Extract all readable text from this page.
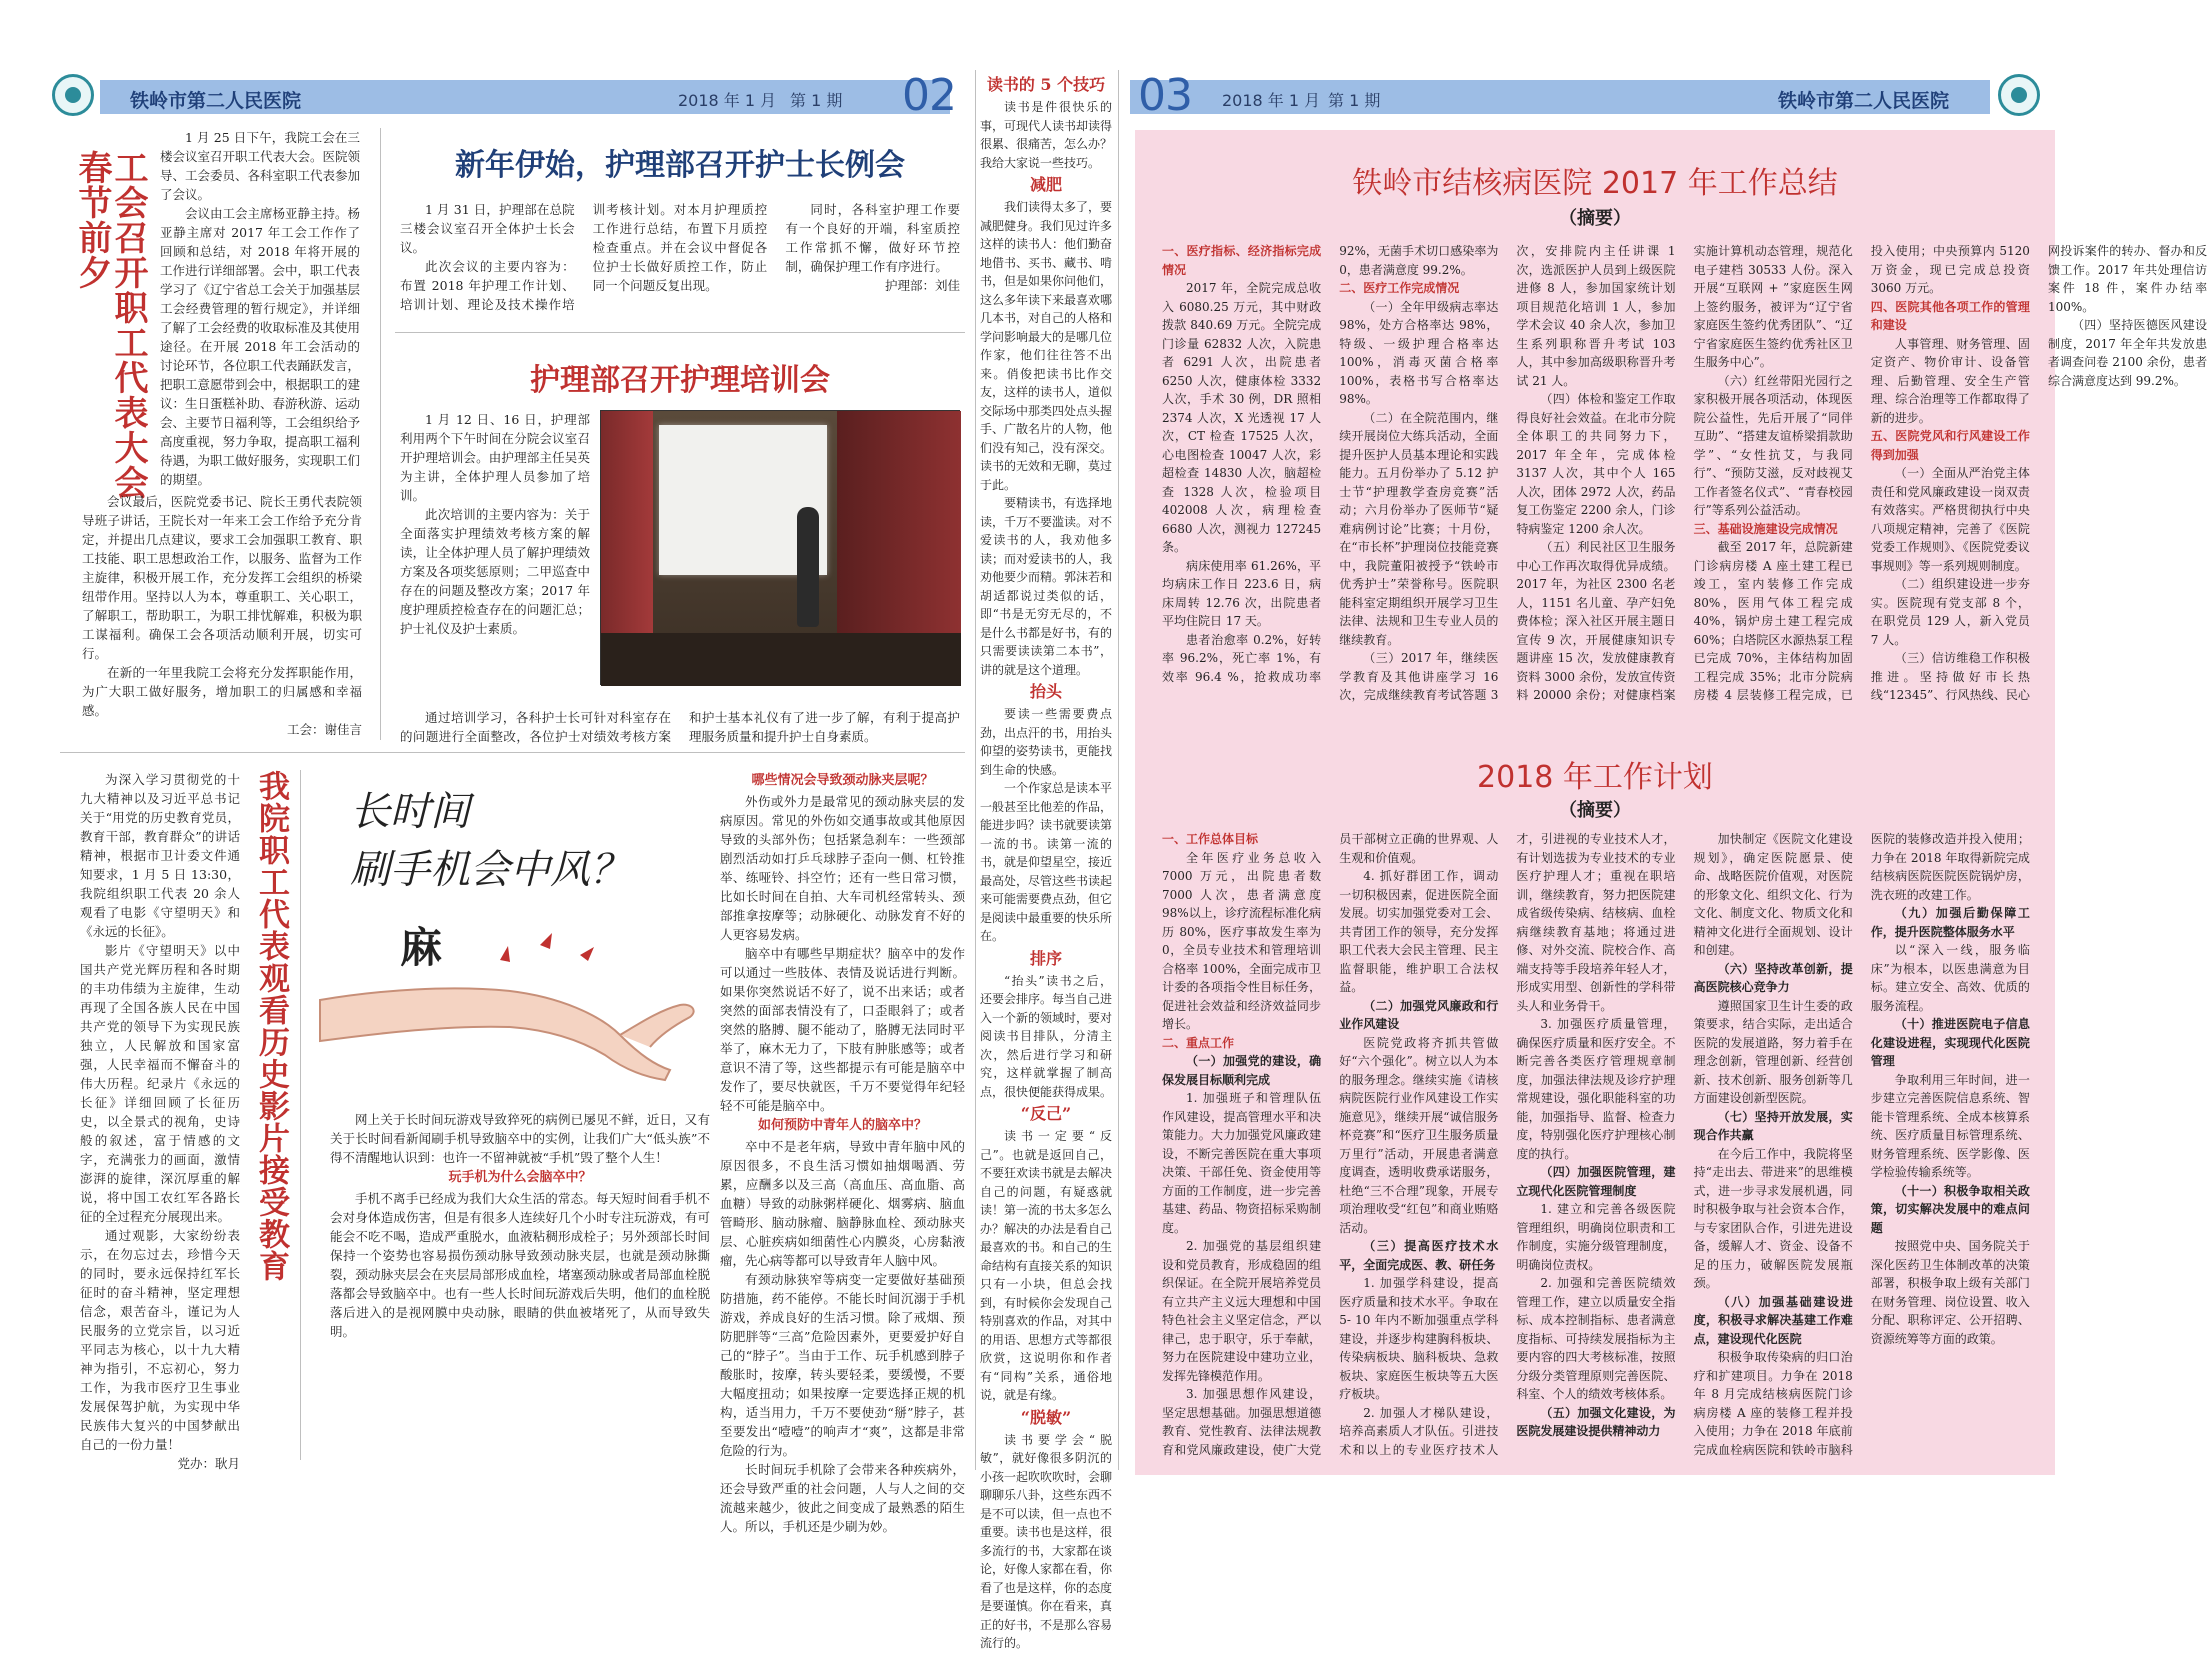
铁岭市第二人民医院	2018 年 1 月 第 1 期 02	03 2018 年 1 月 第 1 期	铁岭市第二人民医院
工会召开职工代表大会
春节前夕

1 月 25 日下午，我院工会在三楼会议室召开职工代表大会。医院领导、工会委员、各科室职工代表参加了会议。

会议由工会主席杨亚静主持。杨亚静主席对 2017 年工会工作作了回顾和总结，对 2018 年将开展的工作进行详细部署。会中，职工代表学习了《辽宁省总工会关于加强基层工会经费管理的暂行规定》，并详细了解了工会经费的收取标准及其使用途径。在开展 2018 年工会活动的讨论环节，各位职工代表踊跃发言，把职工意愿带到会中，根据职工的建议：生日蛋糕补助、春游秋游、运动会、主要节日福利等，工会组织给予高度重视，努力争取，提高职工福利待遇，为职工做好服务，实现职工们的期望。

会议最后，医院党委书记、院长王勇代表院领导班子讲话，王院长对一年来工会工作给予充分肯定，并提出几点建议，要求工会加强职工教育、职工技能、职工思想政治工作，以服务、监督为工作主旋律，积极开展工作，充分发挥工会组织的桥梁纽带作用。坚持以人为本，尊重职工、关心职工，了解职工，帮助职工，为职工排忧解难，积极为职工谋福利。确保工会各项活动顺利开展，切实可行。

在新的一年里我院工会将充分发挥职能作用，为广大职工做好服务，增加职工的归属感和幸福感。

工会：谢佳言

新年伊始，护理部召开护士长例会

1 月 31 日，护理部在总院三楼会议室召开全体护士长会议。

此次会议的主要内容为：布置 2018 年护理工作计划、培训计划、理论及技术操作培训考核计划。对本月护理质控工作进行总结，布置下月质控检查重点。并在会议中督促各位护士长做好质控工作，防止同一个问题反复出现。

同时，各科室护理工作要有一个良好的开端，科室质控工作常抓不懈，做好环节控制，确保护理工作有序进行。

护理部：刘佳

护理部召开护理培训会

1 月 12 日、16 日，护理部利用两个下午时间在分院会议室召开护理培训会。由护理部主任吴英为主讲，全体护理人员参加了培训。

此次培训的主要内容为：关于全面落实护理绩效考核方案的解读，让全体护理人员了解护理绩效方案及各项奖惩原则；二甲巡查中存在的问题及整改方案；2017 年度护理质控检查存在的问题汇总；护士礼仪及护士素质。

通过培训学习，各科护士长可针对科室存在的问题进行全面整改，各位护士对绩效考核方案和护士基本礼仪有了进一步了解，有利于提高护理服务质量和提升护士自身素质。

为深入学习贯彻党的十九大精神以及习近平总书记关于“用党的历史教育党员，教育干部，教育群众”的讲话精神，根据市卫计委文件通知要求，1 月 5 日 13:30，我院组织职工代表 20 余人观看了电影《守望明天》和《永远的长征》。

影片《守望明天》以中国共产党光辉历程和各时期的丰功伟绩为主旋律，生动再现了全国各族人民在中国共产党的领导下为实现民族独立，人民解放和国家富强，人民幸福而不懈奋斗的伟大历程。纪录片《永远的长征》详细回顾了长征历史，以全景式的视角，史诗般的叙述，富于情感的文字，充满张力的画面，激情澎湃的旋律，深沉厚重的解说，将中国工农红军各路长征的全过程充分展现出来。

通过观影，大家纷纷表示，在勿忘过去，珍惜今天的同时，要永远保持红军长征时的奋斗精神，坚定理想信念，艰苦奋斗，谨记为人民服务的立党宗旨，以习近平同志为核心，以十九大精神为指引，不忘初心，努力工作，为我市医疗卫生事业发展保驾护航，为实现中华民族伟大复兴的中国梦献出自己的一份力量！

党办：耿月

我院职工代表观看历史影片接受教育 长时间
刷手机会中风？
麻

网上关于长时间玩游戏导致猝死的病例已屡见不鲜，近日，又有关于长时间看新闻刷手机导致脑卒中的实例，让我们广大“低头族”不得不清醒地认识到：也许一不留神就被“手机”毁了整个人生！

玩手机为什么会脑卒中？

手机不离手已经成为我们大众生活的常态。每天短时间看手机不会对身体造成伤害，但是有很多人连续好几个小时专注玩游戏，有可能会不吃不喝，造成严重脱水，血液粘稠形成栓子；另外颈部长时间保持一个姿势也容易损伤颈动脉导致颈动脉夹层，也就是颈动脉撕裂，颈动脉夹层会在夹层局部形成血栓，堵塞颈动脉或者局部血栓脱落都会导致脑卒中。也有一些人长时间玩游戏后失明，他们的血栓脱落后进入的是视网膜中央动脉，眼睛的供血被堵死了，从而导致失明。

哪些情况会导致颈动脉夹层呢？

外伤或外力是最常见的颈动脉夹层的发病原因。常见的外伤如交通事故或其他原因导致的头部外伤；包括紧急刹车：一些颈部剧烈活动如打乒乓球脖子歪向一侧、杠铃推举、练哑铃、抖空竹；还有一些日常习惯，比如长时间在自拍、大车司机经常转头、颈部推拿按摩等；动脉硬化、动脉发育不好的人更容易发病。

脑卒中有哪些早期症状？脑卒中的发作可以通过一些肢体、表情及说话进行判断。如果你突然说话不好了，说不出来话；或者突然的面部表情没有了，口歪眼斜了；或者突然的胳膊、腿不能动了，胳膊无法同时平举了，麻木无力了，下肢有肿胀感等；或者意识不清了等，这些都提示有可能是脑卒中发作了，要尽快就医，千万不要觉得年纪轻轻不可能是脑卒中。

如何预防中青年人的脑卒中？

卒中不是老年病，导致中青年脑中风的原因很多，不良生活习惯如抽烟喝酒、劳累，应酬多以及三高（高血压、高血脂、高血糖）导致的动脉粥样硬化、烟雾病、脑血管畸形、脑动脉瘤、脑静脉血栓、颈动脉夹层、心脏疾病如细菌性心内膜炎，心房黏液瘤，先心病等都可以导致青年人脑中风。

有颈动脉狭窄等病变一定要做好基础预防措施，药不能停。不能长时间沉溺于手机游戏，养成良好的生活习惯。除了戒烟、预防肥胖等“三高”危险因素外，更要爱护好自己的“脖子”。当由于工作、玩手机感到脖子酸胀时，按摩，转头要轻柔，要缓慢，不要大幅度扭动；如果按摩一定要选择正规的机构，适当用力，千万不要使劲“掰”脖子，甚至要发出“噎噎”的响声才“爽”，这都是非常危险的行为。

长时间玩手机除了会带来各种疾病外，还会导致严重的社会问题，人与人之间的交流越来越少，彼此之间变成了最熟悉的陌生人。所以，手机还是少刷为妙。

读书的 5 个技巧

读书是件很快乐的事，可现代人读书却读得很累、很痛苦，怎么办？我给大家说一些技巧。

减肥

我们读得太多了，要减肥健身。我们见过许多这样的读书人：他们勤奋地借书、买书、藏书、啃书，但是如果你问他们，这么多年读下来最喜欢哪几本书，对自己的人格和学问影响最大的是哪几位作家，他们往往答不出来。俏俊把读书比作交友，这样的读书人，道似交际场中那类四处点头握手、广散名片的人物，他们没有知己，没有深交。读书的无效和无聊，莫过于此。

要精读书，有选择地读，千万不要滥读。对不爱读书的人，我劝他多读；而对爱读书的人，我劝他要少而精。郭沫若和胡适都说过类似的话，即“书是无穷无尽的，不是什么书都是好书，有的只需要读读第二本书”，讲的就是这个道理。

抬头

要读一些需要费点劲，出点汗的书，用抬头仰望的姿势读书，更能找到生命的快感。

一个作家总是读本平一般甚至比他差的作品，能进步吗？读书就要读第一流的书。读第一流的书，就是仰望星空，接近最高处，尽管这些书读起来可能需要费点劲，但它是阅读中最重要的快乐所在。

排序

“抬头”读书之后，还要会排序。每当自己进入一个新的领域时，要对阅读书目排队，分清主次，然后进行学习和研究，这样就掌握了制高点，很快便能获得成果。

“反己”

读书一定要“反己”。也就是返回自己，不要狂欢读书就是去解决自己的问题，有疑惑就读！第一流的书太多怎么办？解决的办法是看自己最喜欢的书。和自己的生命结构有直接关系的知识只有一小块，但总会找到，有时候你会发现自己特别喜欢的作品，对其中的用语、思想方式等都很欣赏，这说明你和作者有“同构”关系，通俗地说，就是有缘。

“脱敏”

读书要学会“脱敏”，就好像很多阴沉的小孩一起吹吹吹时，会聊聊聊乐八卦，这些东西不是不可以读，但一点也不重要。读书也是这样，很多流行的书，大家都在谈论，好像人家都在看，你看了也是这样，你的态度是要谨慎。你在看来，真正的好书，不是那么容易流行的。

铁岭市结核病医院 2017 年工作总结
（摘要）
一、医疗指标、经济指标完成情况

2017 年，全院完成总收入 6080.25 万元，其中财政拨款 840.69 万元。全院完成门诊量 62832 人次，入院患者 6291 人次，出院患者 6250 人次，健康体检 3332 人次，手术 30 例，DR 照相 2374 人次，X 光透视 17 人次，CT 检查 17525 人次，心电图检查 10047 人次，彩超检查 14830 人次，脑超检查 1328 人次，检验项目 402008 人次，病理检查 6680 人次，测视力 127245 条。

病床使用率 61.26%，平均病床工作日 223.6 日，病床周转 12.76 次，出院患者平均住院日 17 天。

患者治愈率 0.2%，好转率 96.2%，死亡率 1%，有效率 96.4 %，抢救成功率 92%，无菌手术切口感染率为 0，患者满意度 99.2%。

二、医疗工作完成情况

（一）全年甲级病志率达 98%，处方合格率达 98%，特级、一级护理合格率达 100%，消毒灭菌合格率 100%，表格书写合格率达 98%。

（二）在全院范围内，继续开展岗位大练兵活动，全面提升医护人员基本理论和实践能力。五月份举办了 5.12 护士节“护理教学查房竞赛”活动；六月份举办了医师节“疑难病例讨论”比赛；十月份，在“市长杯”护理岗位技能竞赛中，我院董阳被授予“铁岭市优秀护士”荣誉称号。医院职能科室定期组织开展学习卫生法律、法规和卫生专业人员的继续教育。

（三）2017 年，继续医学教育及其他讲座学习 16 次，完成继续教育考试答题 3 次，安排院内主任讲课 1 次，选派医护人员到上级医院进修 8 人，参加国家统计划项目规范化培训 1 人，参加学术会议 40 余人次，参加卫生系列职称晋升考试 103 人，其中参加高级职称晋升考试 21 人。

（四）体检和鉴定工作取得良好社会效益。在北市分院全体职工的共同努力下，2017 年全年，完成体检 3137 人次，其中个人 165 人次，团体 2972 人次，药品复工伤鉴定 2200 余人，门诊特病鉴定 1200 余人次。

（五）利民社区卫生服务中心工作再次取得优异成绩。2017 年，为社区 2300 名老人，1151 名儿童、孕产妇免费体检；深入社区开展主题日宣传 9 次，开展健康知识专题讲座 15 次，发放健康教育资料 3000 余份，发放宣传资料 20000 余份；对健康档案实施计算机动态管理，规范化电子建档 30533 人份。深入开展“互联网 + ”家庭医生网上签约服务，被评为“辽宁省家庭医生签约优秀团队”、“辽宁省家庭医生签约优秀社区卫生服务中心”。

（六）红丝带阳光园行之家积极开展各项活动，体现医院公益性，先后开展了“同伴互助”、“搭建友谊桥梁捐款助学”、“女性抗艾，与我同行”、“预防艾滋，反对歧视艾工作者签名仪式”、“青春校园行”等系列公益活动。

三、基础设施建设完成情况

截至 2017 年，总院新建门诊病房楼 A 座土建工程已竣工，室内装修工作完成 80%，医用气体工程完成 40%，锅炉房土建工程完成 60%；白塔院区水源热泵工程已完成 70%，主体结构加固工程完成 35%；北市分院病房楼 4 层装修工程完成，已投入使用；中央预算内 5120 万资金，现已完成总投资 3060 万元。

四、医院其他各项工作的管理和建设

人事管理、财务管理、固定资产、物价审计、设备管理、后勤管理、安全生产管理、综合治理等工作都取得了新的进步。

五、医院党风和行风建设工作得到加强

（一）全面从严治党主体责任和党风廉政建设一岗双责有效落实。严格贯彻执行中央八项规定精神，完善了《医院党委工作规则》、《医院党委议事规则》等一系列规则制度。

（二）组织建设进一步夯实。医院现有党支部 8 个，在职党员 129 人，新入党员 7 人。

（三）信访维稳工作积极推进。坚持做好市长热线“12345”、行风热线、民心网投诉案件的转办、督办和反馈工作。2017 年共处理信访案件 18 件，案件办结率 100%。

（四）坚持医德医风建设制度，2017 年全年共发放患者调查问卷 2100 余份，患者综合满意度达到 99.2%。

2018 年工作计划
（摘要）
一、工作总体目标

全年医疗业务总收入 7000 万元，出院患者数 7000 人次，患者满意度 98%以上，诊疗流程标准化病历 80%，医疗事故发生率为 0，全员专业技术和管理培训合格率 100%，全面完成市卫计委的各项指令性目标任务，促进社会效益和经济效益同步增长。

二、重点工作

（一）加强党的建设，确保发展目标顺利完成

1. 加强班子和管理队伍作风建设，提高管理水平和决策能力。大力加强党风廉政建设，不断完善医院在重大事项决策、干部任免、资金使用等方面的工作制度，进一步完善基建、药品、物资招标采购制度。

2. 加强党的基层组织建设和党员教育，形成稳固的组织保证。在全院开展培养党员有立共产主义远大理想和中国特色社会主义坚定信念，严以律己，忠于职守，乐于奉献，努力在医院建设中建功立业，发挥先锋模范作用。

3. 加强思想作风建设，坚定思想基础。加强思想道德教育、党性教育、法律法规教育和党风廉政建设，使广大党员干部树立正确的世界观、人生观和价值观。

4. 抓好群团工作，调动一切积极因素，促进医院全面发展。切实加强党委对工会、共青团工作的领导，充分发挥职工代表大会民主管理、民主监督职能，维护职工合法权益。

（二）加强党风廉政和行业作风建设

医院党政将齐抓共管做好“六个强化”。树立以人为本的服务理念。继续实施《请核病院医院行业作风建设工作实施意见》，继续开展“诚信服务杯竞赛”和“医疗卫生服务质量万里行”活动，开展患者满意度调查，透明收费承诺服务，杜绝“三不合理”现象，开展专项治理收受“红包”和商业贿赂活动。

（三）提高医疗技术水平，全面完成医、教、研任务

1. 加强学科建设，提高医疗质量和技术水平。争取在 5- 10 年内不断加强重点学科建设，并逐步构建胸科板块、传染病板块、脑科板块、急救板块、家庭医生板块等五大医疗板块。

2. 加强人才梯队建设，培养高素质人才队伍。引进技术和以上的专业医疗技术人才，引进视的专业技术人才，有计划选拔为专业技术的专业医疗护理人才；重视在职培训，继续教育，努力把医院建成省级传染病、结核病、血栓病继续教育基地；将通过进修、对外交流、院校合作、高端支持等手段培养年轻人才，形成实用型、创新性的学科带头人和业务骨干。

3. 加强医疗质量管理，确保医疗质量和医疗安全。不断完善各类医疗管理规章制度，加强法律法规及诊疗护理常规建设，强化职能科室的功能，加强指导、监督、检查力度，特别强化医疗护理核心制度的执行。

（四）加强医院管理，建立现代化医院管理制度

1. 建立和完善各级医院管理组织，明确岗位职责和工作制度，实施分级管理制度，明确岗位责权。

2. 加强和完善医院绩效管理工作，建立以质量安全指标、成本控制指标、患者满意度指标、可持续发展指标为主要内容的四大考核标准，按照分级分类管理原则完善医院、科室、个人的绩效考核体系。

（五）加强文化建设，为医院发展建设提供精神动力

加快制定《医院文化建设规划》，确定医院愿景、使命、战略医院价值观，对医院的形象文化、组织文化、行为文化、制度文化、物质文化和精神文化进行全面规划、设计和创建。

（六）坚持改革创新，提高医院核心竞争力

遵照国家卫生计生委的政策要求，结合实际，走出适合医院的发展道路，努力着手在理念创新，管理创新、经营创新、技术创新、服务创新等几方面建设创新型医院。

（七）坚持开放发展，实现合作共赢

在今后工作中，我院将坚持“走出去、带进来”的思维模式，进一步寻求发展机遇，同时积极争取与社会资本合作，与专家团队合作，引进先进设备，缓解人才、资金、设备不足的压力，破解医院发展瓶颈。

（八）加强基础建设进度，积极寻求解决基建工作难点，建设现代化医院

积极争取传染病的归口治疗和扩建项目。力争在 2018 年 8 月完成结核病医院门诊病房楼 A 座的装修工程并投入使用；力争在 2018 年底前完成血栓病医院和铁岭市脑科医院的装修改造并投入使用；力争在 2018 年取得新院完成结核病医院医院医院锅炉房，洗衣班的改建工作。

（九）加强后勤保障工作，提升医院整体服务水平

以“深入一线，服务临床”为根本，以医患满意为目标。建立安全、高效、优质的服务流程。

（十）推进医院电子信息化建设进程，实现现代化医院管理

争取利用三年时间，进一步建立完善医院信息系统、智能卡管理系统、全成本核算系统、医疗质量目标管理系统、财务管理系统、医学影像、医学检验传输系统等。

（十一）积极争取相关政策，切实解决发展中的难点问题

按照党中央、国务院关于深化医药卫生体制改革的决策部署，积极争取上级有关部门在财务管理、岗位设置、收入分配、职称评定、公开招聘、资源统筹等方面的政策。
